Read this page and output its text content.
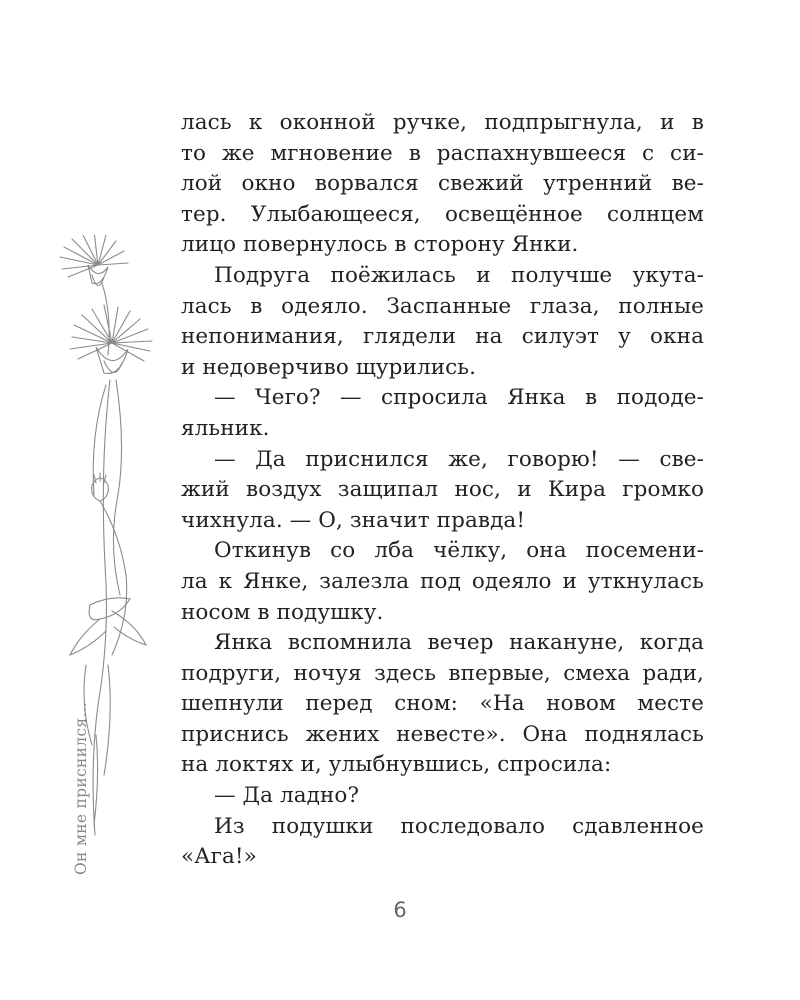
Он мне приснился…
лась к оконной ручке, подпрыгнула, и в
то же мгновение в распахнувшееся с си-
лой окно ворвался свежий утренний ве-
тер. Улыбающееся, освещённое солнцем
лицо повернулось в сторону Янки.
Подруга поёжилась и получше укута-
лась в одеяло. Заспанные глаза, полные
непонимания, глядели на силуэт у окна
и недоверчиво щурились.
— Чего? — спросила Янка в пододе-
яльник.
— Да приснился же, говорю! — све-
жий воздух защипал нос, и Кира громко
чихнула. — О, значит правда!
Откинув со лба чёлку, она посемени-
ла к Янке, залезла под одеяло и уткнулась
носом в подушку.
Янка вспомнила вечер накануне, когда
подруги, ночуя здесь впервые, смеха ради,
шепнули перед сном: «На новом месте
приснись жених невесте». Она поднялась
на локтях и, улыбнувшись, спросила:
— Да ладно?
Из подушки последовало сдавленное
«Ага!»
6
